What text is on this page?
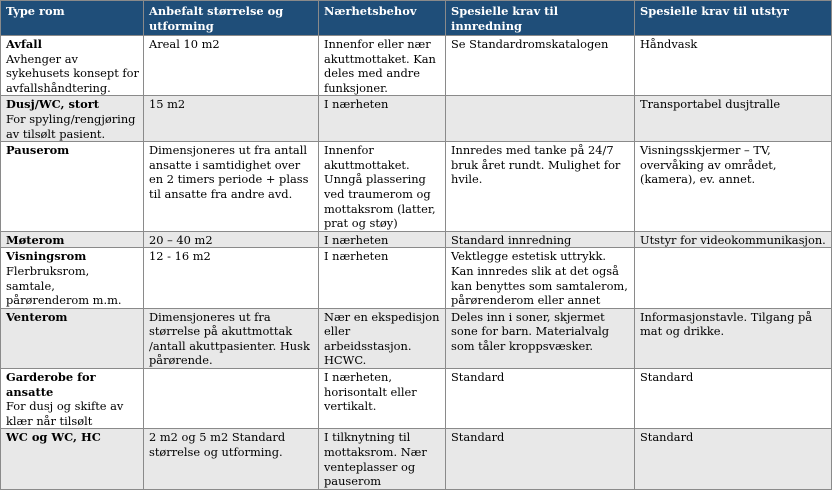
Type rom	Anbefalt størrelse og utforming	Nærhetsbehov	Spesielle krav til innredning	Spesielle krav til utstyr

Avfall
Avhenger av sykehusets konsept for avfallshåndtering.	Areal 10 m2	Innenfor eller nær akuttmottaket. Kan deles med andre funksjoner.	Se Standardromskatalogen	Håndvask

Dusj/WC, stort
For spyling/rengjøring av tilsølt pasient.	15 m2	I nærheten		Transportabel dusjtralle

Pauserom	Dimensjoneres ut fra antall ansatte i samtidighet over en 2 timers periode + plass til ansatte fra andre avd.	Innenfor akuttmottaket. Unngå plassering ved traumerom og mottaksrom (latter, prat og støy)	Innredes med tanke på 24/7 bruk året rundt. Mulighet for hvile.	Visningsskjermer – TV, overvåking av området, (kamera), ev. annet.

Møterom	20 – 40 m2	I nærheten	Standard innredning	Utstyr for videokommunikasjon.

Visningsrom
Flerbruksrom, samtale, pårørenderom m.m.	12 - 16 m2	I nærheten	Vektlegge estetisk uttrykk. Kan innredes slik at det også kan benyttes som samtalerom, pårørenderom eller annet	

Venterom	Dimensjoneres ut fra størrelse på akuttmottak /antall akuttpasienter. Husk pårørende.	Nær en ekspedisjon eller arbeidsstasjon. HCWC.	Deles inn i soner, skjermet sone for barn. Materialvalg som tåler kroppsvæsker.	Informasjonstavle. Tilgang på mat og drikke.

Garderobe for ansatte
For dusj og skifte av klær når tilsølt		I nærheten, horisontalt eller vertikalt.	Standard	Standard

WC og WC, HC	2 m2 og 5 m2 Standard størrelse og utforming.	I tilknytning til mottaksrom. Nær venteplasser og pauserom	Standard	Standard
